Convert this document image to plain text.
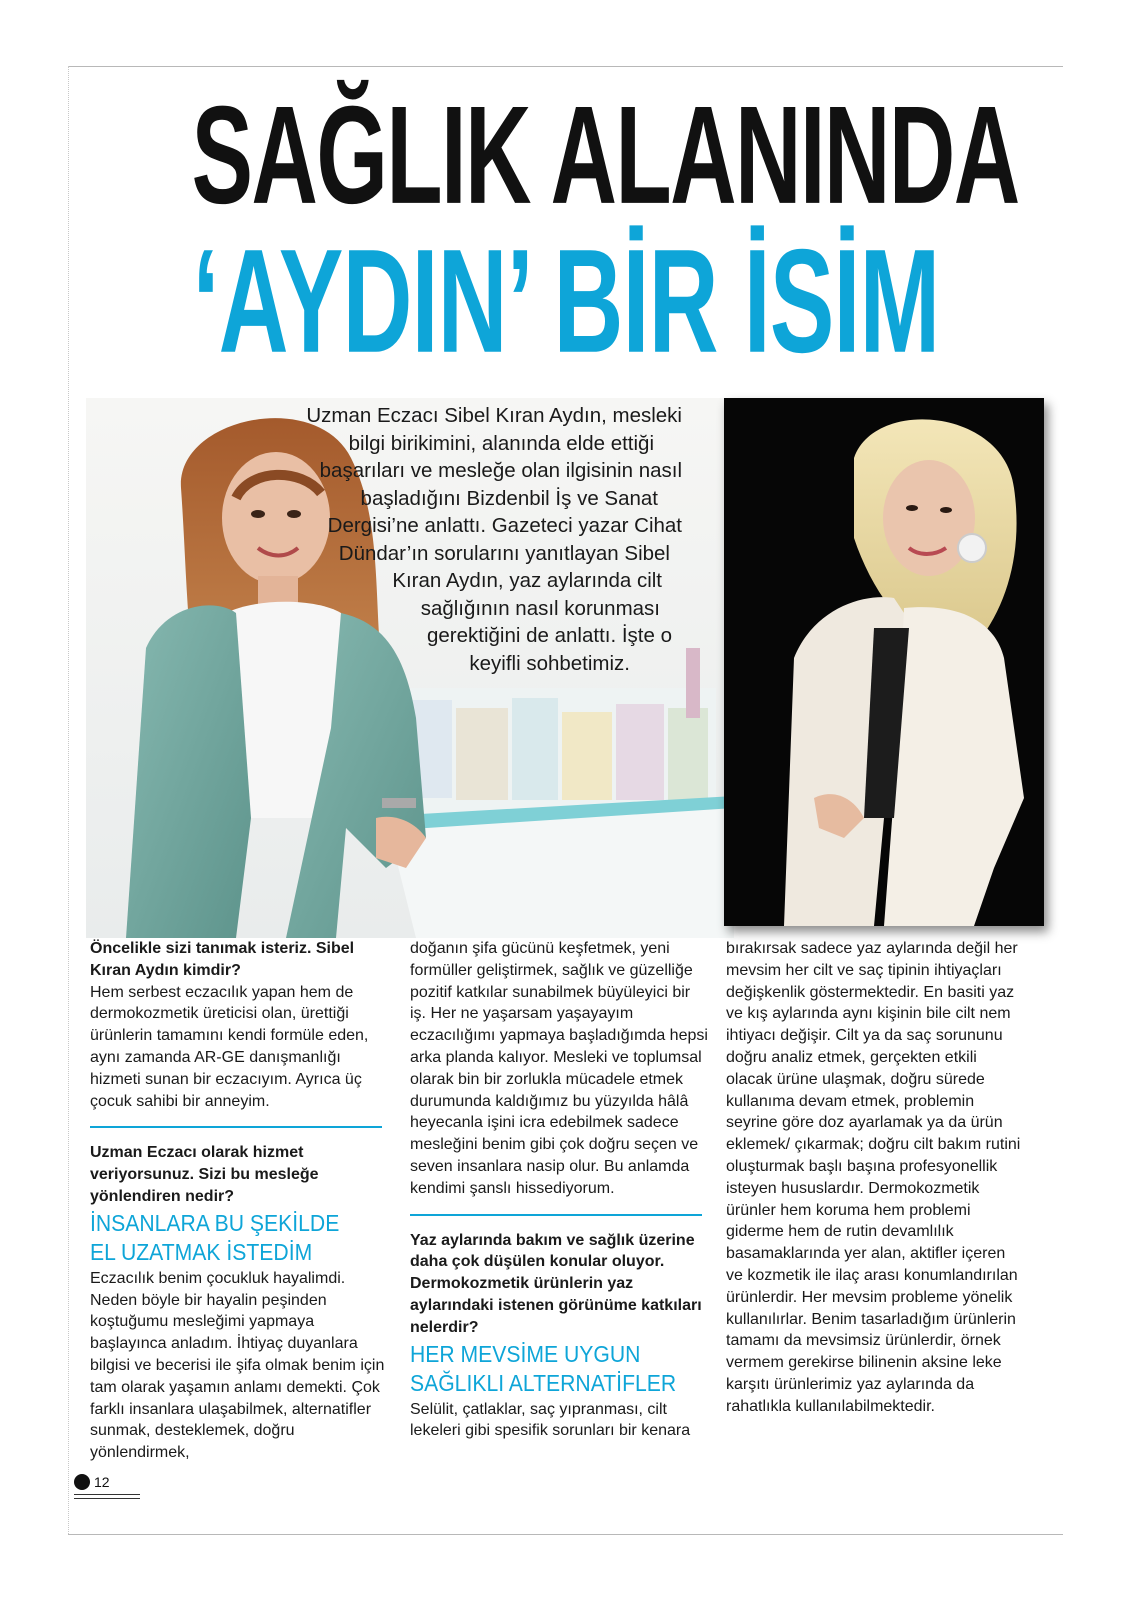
SAĞLIK ALANINDA
‘AYDIN’ BİR İSİM
Uzman Eczacı Sibel Kıran Aydın, mesleki
bilgi birikimini, alanında elde ettiği
başarıları ve mesleğe olan ilgisinin nasıl
başladığını Bizdenbil İş ve Sanat
Dergisi’ne anlattı. Gazeteci yazar Cihat
Dündar’ın sorularını yanıtlayan Sibel
Kıran Aydın, yaz aylarında cilt
sağlığının nasıl korunması
gerektiğini de anlattı. İşte o
keyifli sohbetimiz.

Öncelikle sizi tanımak isteriz. Sibel Kıran Aydın kimdir?

Hem serbest eczacılık yapan hem de dermokozmetik üreticisi olan, ürettiği ürünlerin tamamını kendi formüle eden, aynı zamanda AR-GE danışmanlığı hizmeti sunan bir eczacıyım. Ayrıca üç çocuk sahibi bir anneyim.

Uzman Eczacı olarak hizmet veriyorsunuz. Sizi bu mesleğe yönlendiren nedir?

İNSANLARA BU ŞEKİLDE
EL UZATMAK İSTEDİM

Eczacılık benim çocukluk hayalimdi. Neden böyle bir hayalin peşinden koştuğumu mesleğimi yapmaya başlayınca anladım. İhtiyaç duyanlara bilgisi ve becerisi ile şifa olmak benim için tam olarak yaşamın anlamı demekti. Çok farklı insanlara ulaşabilmek, alternatifler sunmak, desteklemek, doğru yönlendirmek,

doğanın şifa gücünü keşfetmek, yeni formüller geliştirmek, sağlık ve güzelliğe pozitif katkılar sunabilmek büyüleyici bir iş. Her ne yaşarsam yaşayayım eczacılığımı yapmaya başladığımda hepsi arka planda kalıyor. Mesleki ve toplumsal olarak bin bir zorlukla mücadele etmek durumunda kaldığımız bu yüzyılda hâlâ heyecanla işini icra edebilmek sadece mesleğini benim gibi çok doğru seçen ve seven insanlara nasip olur. Bu anlamda kendimi şanslı hissediyorum.

Yaz aylarında bakım ve sağlık üzerine daha çok düşülen konular oluyor. Dermokozmetik ürünlerin yaz aylarındaki istenen görünüme katkıları nelerdir?

HER MEVSİME UYGUN
SAĞLIKLI ALTERNATİFLER

Selülit, çatlaklar, saç yıpranması, cilt lekeleri gibi spesifik sorunları bir kenara

bırakırsak sadece yaz aylarında değil her mevsim her cilt ve saç tipinin ihtiyaçları değişkenlik göstermektedir. En basiti yaz ve kış aylarında aynı kişinin bile cilt nem ihtiyacı değişir. Cilt ya da saç sorununu doğru analiz etmek, gerçekten etkili olacak ürüne ulaşmak, doğru sürede kullanıma devam etmek, problemin seyrine göre doz ayarlamak ya da ürün eklemek/ çıkarmak; doğru cilt bakım rutini oluşturmak başlı başına profesyonellik isteyen hususlardır. Dermokozmetik ürünler hem koruma hem problemi giderme hem de rutin devamlılık basamaklarında yer alan, aktifler içeren ve kozmetik ile ilaç arası konumlandırılan ürünlerdir. Her mevsim probleme yönelik kullanılırlar. Benim tasarladığım ürünlerin tamamı da mevsimsiz ürünlerdir, örnek vermem gerekirse bilinenin aksine leke karşıtı ürünlerimiz yaz aylarında da rahatlıkla kullanılabilmektedir.

12
